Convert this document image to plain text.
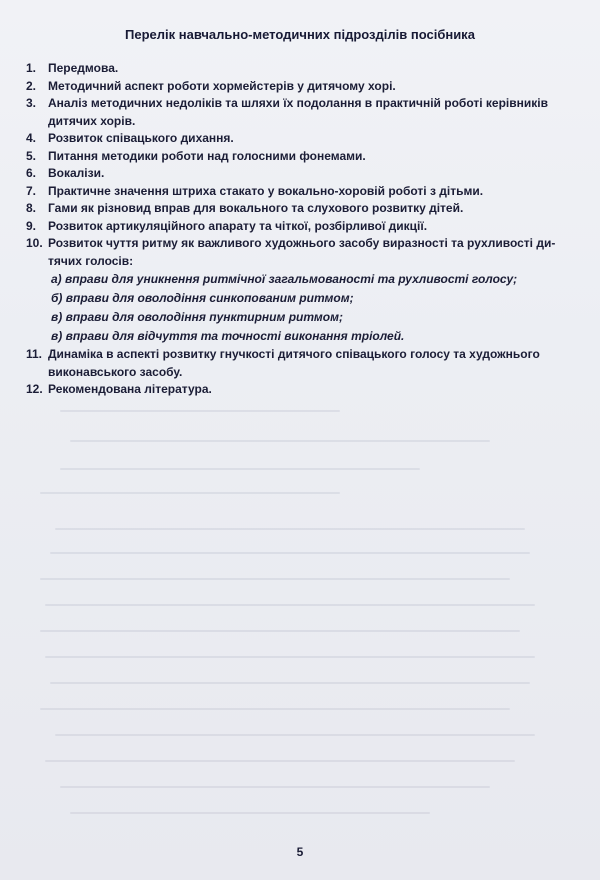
Перелік навчально-методичних підрозділів посібника
1. Передмова.
2. Методичний аспект роботи хормейстерів у дитячому хорі.
3. Аналіз методичних недоліків та шляхи їх подолання в практичній роботі керівників дитячих хорів.
4. Розвиток співацького дихання.
5. Питання методики роботи над голосними фонемами.
6. Вокалізи.
7. Практичне значення штриха стакато у вокально-хоровій роботі з дітьми.
8. Гами як різновид вправ для вокального та слухового розвитку дітей.
9. Розвиток артикуляційного апарату та чіткої, розбірливої дикції.
10. Розвиток чуття ритму як важливого художнього засобу виразності та рухливості ди-тячих голосів:
а) вправи для уникнення ритмічної загальмованості та рухливості голосу;
б) вправи для оволодіння синкопованим ритмом;
в) вправи для оволодіння пунктирним ритмом;
в) вправи для відчуття та точності виконання тріолей.
11. Динаміка в аспекті розвитку гнучкості дитячого співацького голосу та художнього виконавського засобу.
12. Рекомендована література.
5
